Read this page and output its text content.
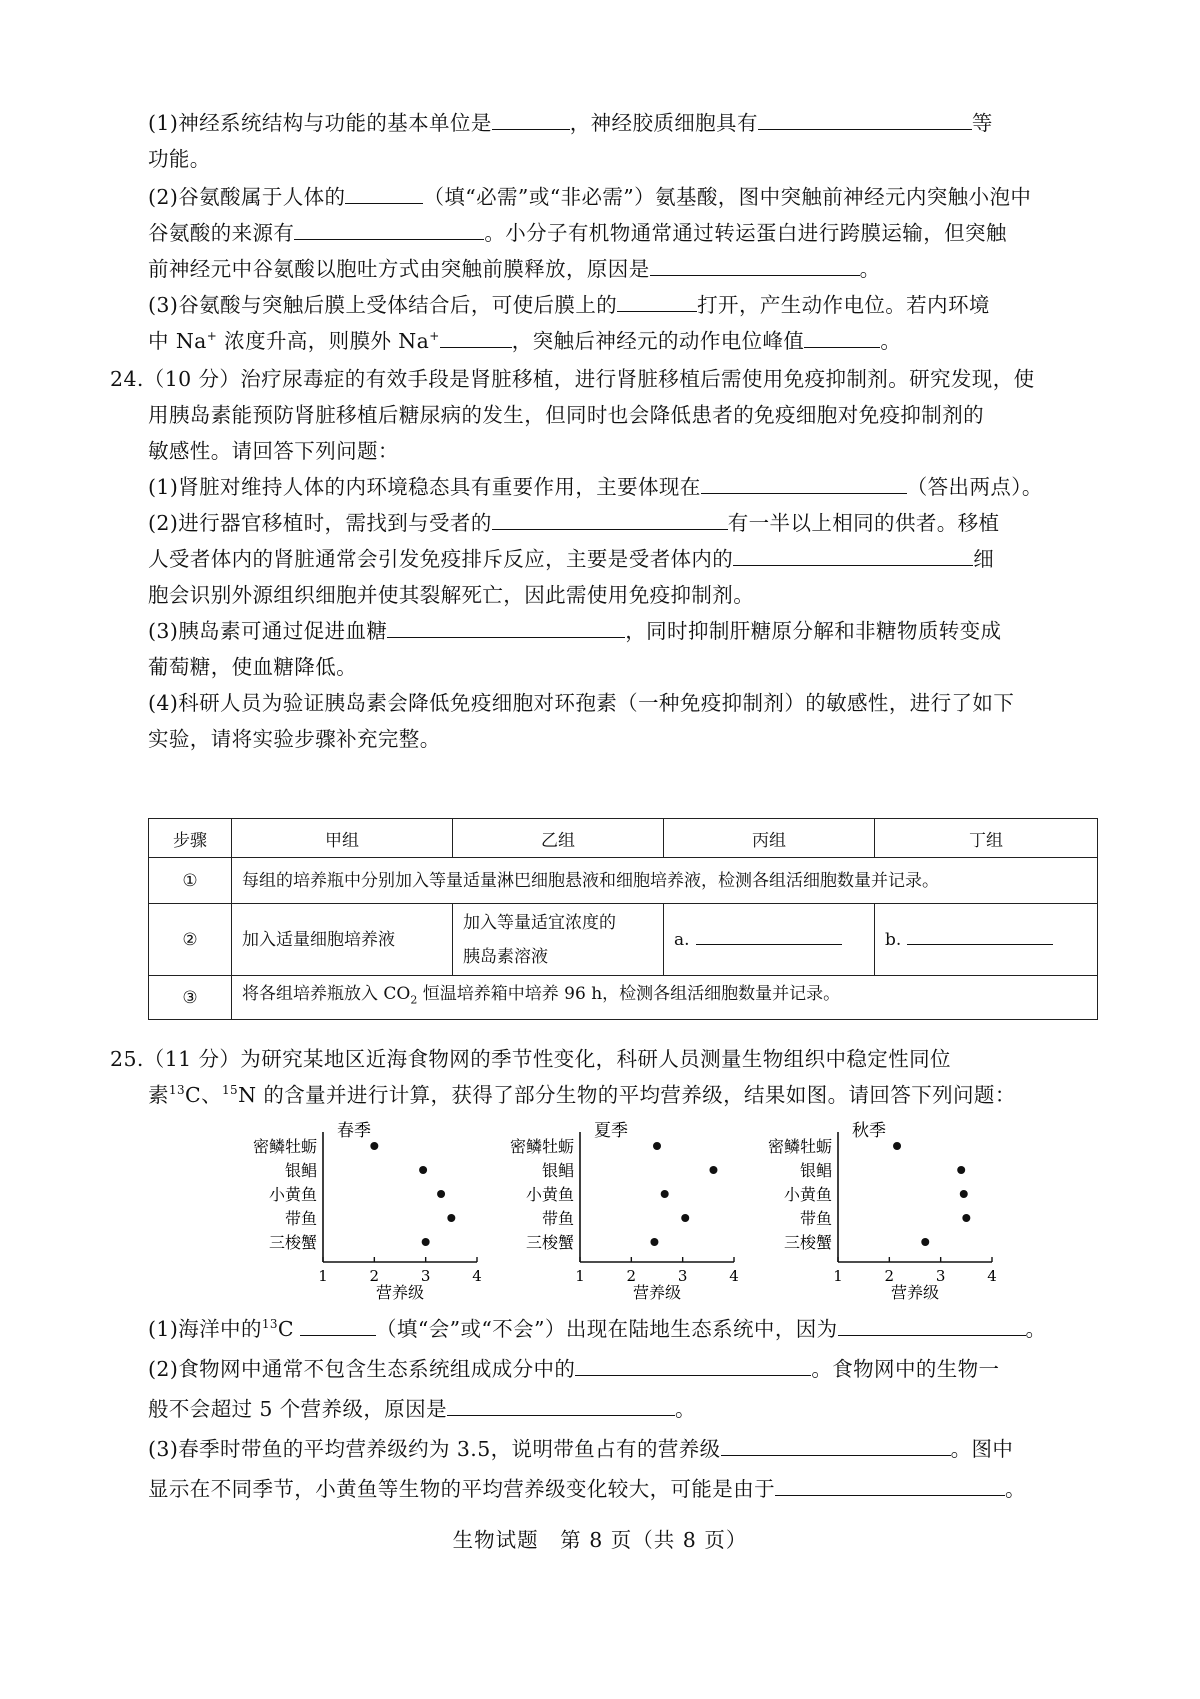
(1)神经系统结构与功能的基本单位是	，神经胶质细胞具有	等
功能。
(2)谷氨酸属于人体的	（填“必需”或“非必需”）氨基酸，图中突触前神经元内突触小泡中
谷氨酸的来源有	。小分子有机物通常通过转运蛋白进行跨膜运输，但突触
前神经元中谷氨酸以胞吐方式由突触前膜释放，原因是	。
(3)谷氨酸与突触后膜上受体结合后，可使后膜上的	打开，产生动作电位。若内环境
中 Na+ 浓度升高，则膜外 Na+	，突触后神经元的动作电位峰值	。
24.（10 分）治疗尿毒症的有效手段是肾脏移植，进行肾脏移植后需使用免疫抑制剂。研究发现，使
用胰岛素能预防肾脏移植后糖尿病的发生，但同时也会降低患者的免疫细胞对免疫抑制剂的
敏感性。请回答下列问题：
(1)肾脏对维持人体的内环境稳态具有重要作用，主要体现在	（答出两点）。
(2)进行器官移植时，需找到与受者的	有一半以上相同的供者。移植
人受者体内的肾脏通常会引发免疫排斥反应，主要是受者体内的	细
胞会识别外源组织细胞并使其裂解死亡，因此需使用免疫抑制剂。
(3)胰岛素可通过促进血糖	，同时抑制肝糖原分解和非糖物质转变成
葡萄糖，使血糖降低。
(4)科研人员为验证胰岛素会降低免疫细胞对环孢素（一种免疫抑制剂）的敏感性，进行了如下
实验，请将实验步骤补充完整。
步骤	甲组	乙组	丙组	丁组
①	每组的培养瓶中分别加入等量适量淋巴细胞悬液和细胞培养液，检测各组活细胞数量并记录。			
②	加入适量细胞培养液	加入等量适宜浓度的
胰岛素溶液	a.	b.
③	将各组培养瓶放入 $CO_2$ 恒温培养箱中培养 96 h，检测各组活细胞数量并记录。			
25.（11 分）为研究某地区近海食物网的季节性变化，科研人员测量生物组织中稳定性同位
素$^{13}$C、$^{15}$N 的含量并进行计算，获得了部分生物的平均营养级，结果如图。请回答下列问题：
春季
1	2	3	4
营养级
密鳞牡蛎
银鲳
小黄鱼
带鱼
三梭蟹
夏季
1	2	3	4
营养级
密鳞牡蛎
银鲳
小黄鱼
带鱼
三梭蟹
秋季
1	2	3	4
营养级
密鳞牡蛎
银鲳
小黄鱼
带鱼
三梭蟹
(1)海洋中的$^{13}$C	（填“会”或“不会”）出现在陆地生态系统中，因为	。
(2)食物网中通常不包含生态系统组成成分中的	。食物网中的生物一
般不会超过 5 个营养级，原因是	。
(3)春季时带鱼的平均营养级约为 3.5，说明带鱼占有的营养级	。图中
显示在不同季节，小黄鱼等生物的平均营养级变化较大，可能是由于	。
生物试题　第 8 页（共 8 页）
